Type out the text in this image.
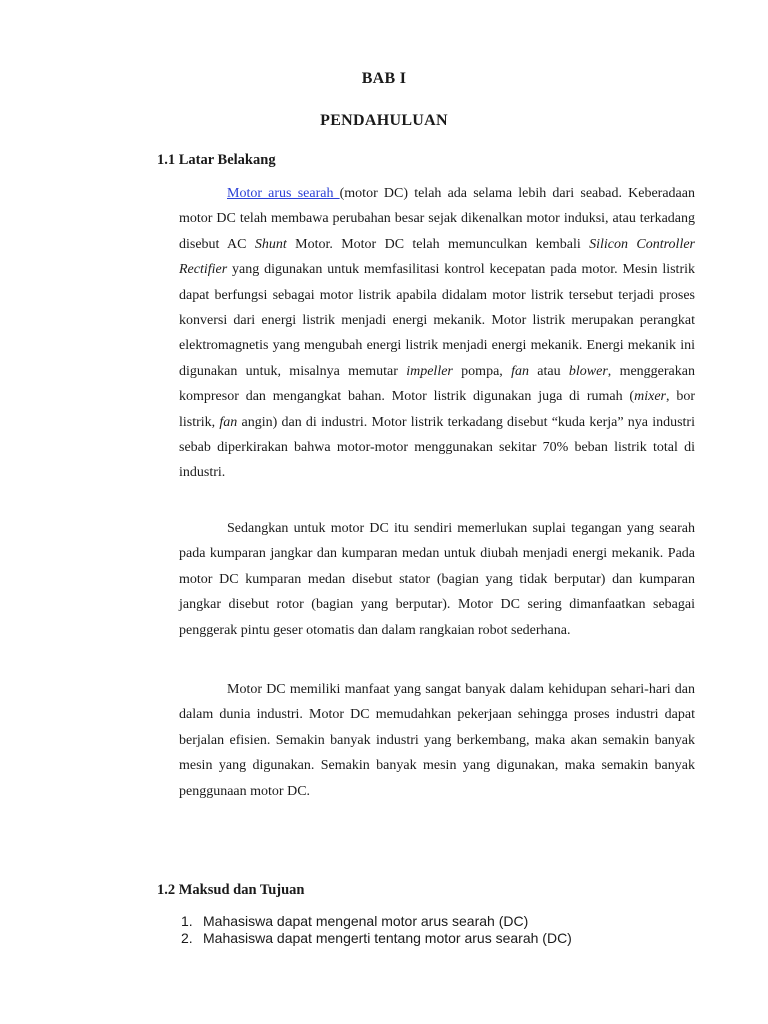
BAB I
PENDAHULUAN
1.1 Latar Belakang

Motor arus searah (motor DC) telah ada selama lebih dari seabad. Keberadaan motor DC telah membawa perubahan besar sejak dikenalkan motor induksi, atau terkadang disebut AC Shunt Motor. Motor DC telah memunculkan kembali Silicon Controller Rectifier yang digunakan untuk memfasilitasi kontrol kecepatan pada motor. Mesin listrik dapat berfungsi sebagai motor listrik apabila didalam motor listrik tersebut terjadi proses konversi dari energi listrik menjadi energi mekanik. Motor listrik merupakan perangkat elektromagnetis yang mengubah energi listrik menjadi energi mekanik. Energi mekanik ini digunakan untuk, misalnya memutar impeller pompa, fan atau blower, menggerakan kompresor dan mengangkat bahan. Motor listrik digunakan juga di rumah (mixer, bor listrik, fan angin) dan di industri. Motor listrik terkadang disebut “kuda kerja” nya industri sebab diperkirakan bahwa motor-motor menggunakan sekitar 70% beban listrik total di industri.

Sedangkan untuk motor DC itu sendiri memerlukan suplai tegangan yang searah pada kumparan jangkar dan kumparan medan untuk diubah menjadi energi mekanik. Pada motor DC kumparan medan disebut stator (bagian yang tidak berputar) dan kumparan jangkar disebut rotor (bagian yang berputar). Motor DC sering dimanfaatkan sebagai penggerak pintu geser otomatis dan dalam rangkaian robot sederhana.

Motor DC memiliki manfaat yang sangat banyak dalam kehidupan sehari-hari dan dalam dunia industri. Motor DC memudahkan pekerjaan sehingga proses industri dapat berjalan efisien. Semakin banyak industri yang berkembang, maka akan semakin banyak mesin yang digunakan. Semakin banyak mesin yang digunakan, maka semakin banyak penggunaan motor DC.

1.2 Maksud dan Tujuan
1. Mahasiswa dapat mengenal motor arus searah (DC)
2. Mahasiswa dapat mengerti tentang motor arus searah (DC)
